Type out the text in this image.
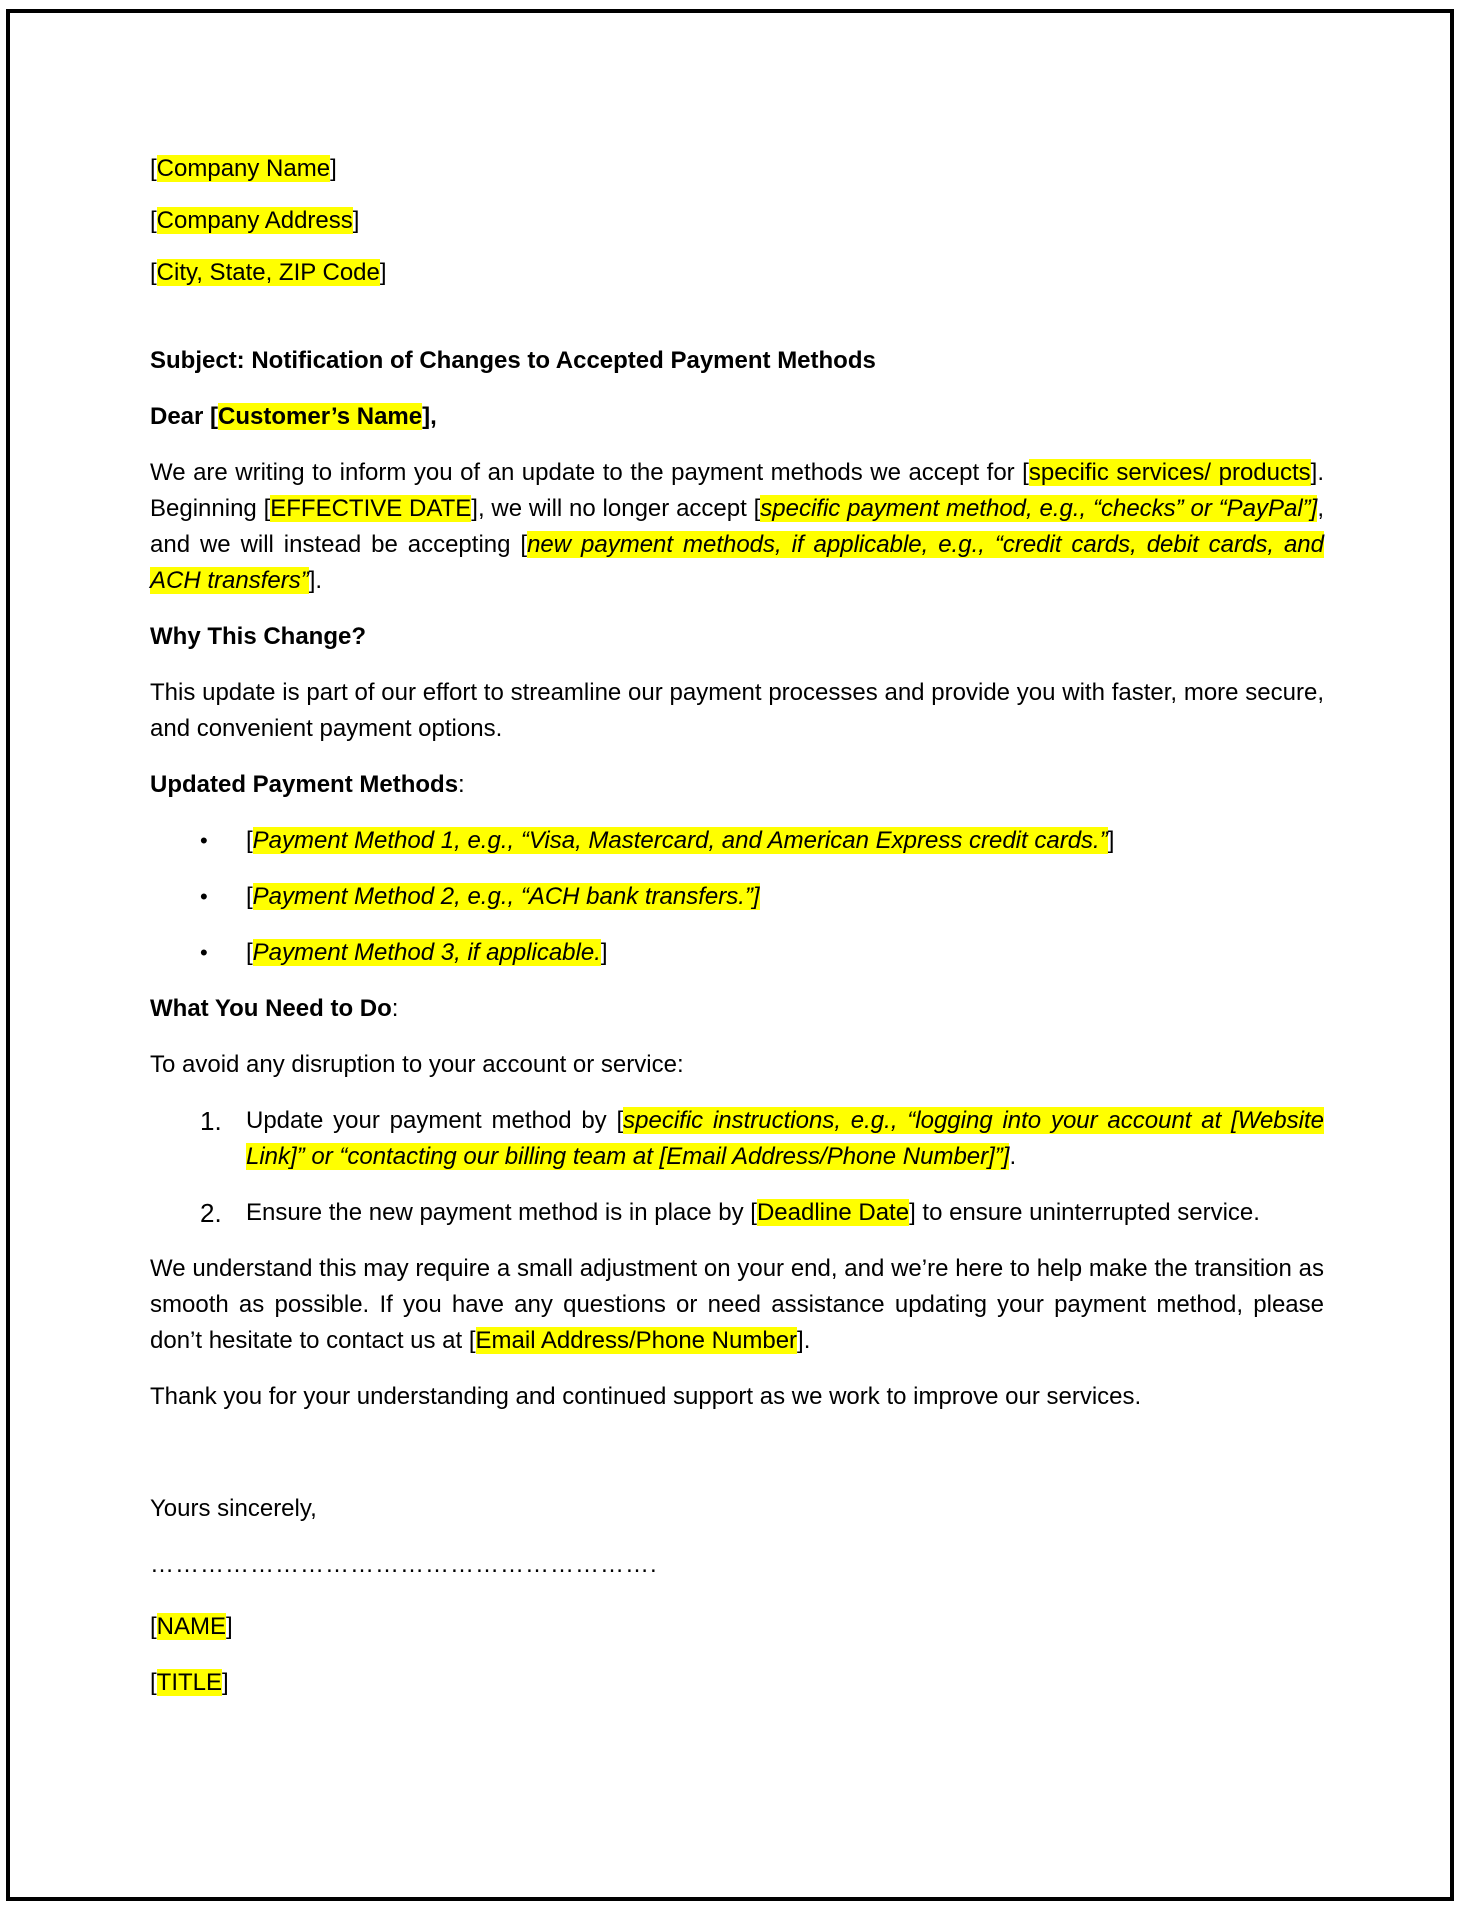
[Company Name]

[Company Address]

[City, State, ZIP Code]

Subject: Notification of Changes to Accepted Payment Methods

Dear [Customer’s Name],

We are writing to inform you of an update to the payment methods we accept for [specific services/ products]. Beginning [EFFECTIVE DATE], we will no longer accept [specific payment method, e.g., “checks” or “PayPal”], and we will instead be accepting [new payment methods, if applicable, e.g., “credit cards, debit cards, and ACH transfers”].

Why This Change?

This update is part of our effort to streamline our payment processes and provide you with faster, more secure, and convenient payment options.

Updated Payment Methods:

• [Payment Method 1, e.g., “Visa, Mastercard, and American Express credit cards.”]
• [Payment Method 2, e.g., “ACH bank transfers.”]
• [Payment Method 3, if applicable.]

What You Need to Do:

To avoid any disruption to your account or service:

1. Update your payment method by [specific instructions, e.g., “logging into your account at [Website Link]” or “contacting our billing team at [Email Address/Phone Number]”].
2. Ensure the new payment method is in place by [Deadline Date] to ensure uninterrupted service.

We understand this may require a small adjustment on your end, and we’re here to help make the transition as smooth as possible. If you have any questions or need assistance updating your payment method, please don’t hesitate to contact us at [Email Address/Phone Number].

Thank you for your understanding and continued support as we work to improve our services.

Yours sincerely,

…………………………………………………….

[NAME]

[TITLE]
